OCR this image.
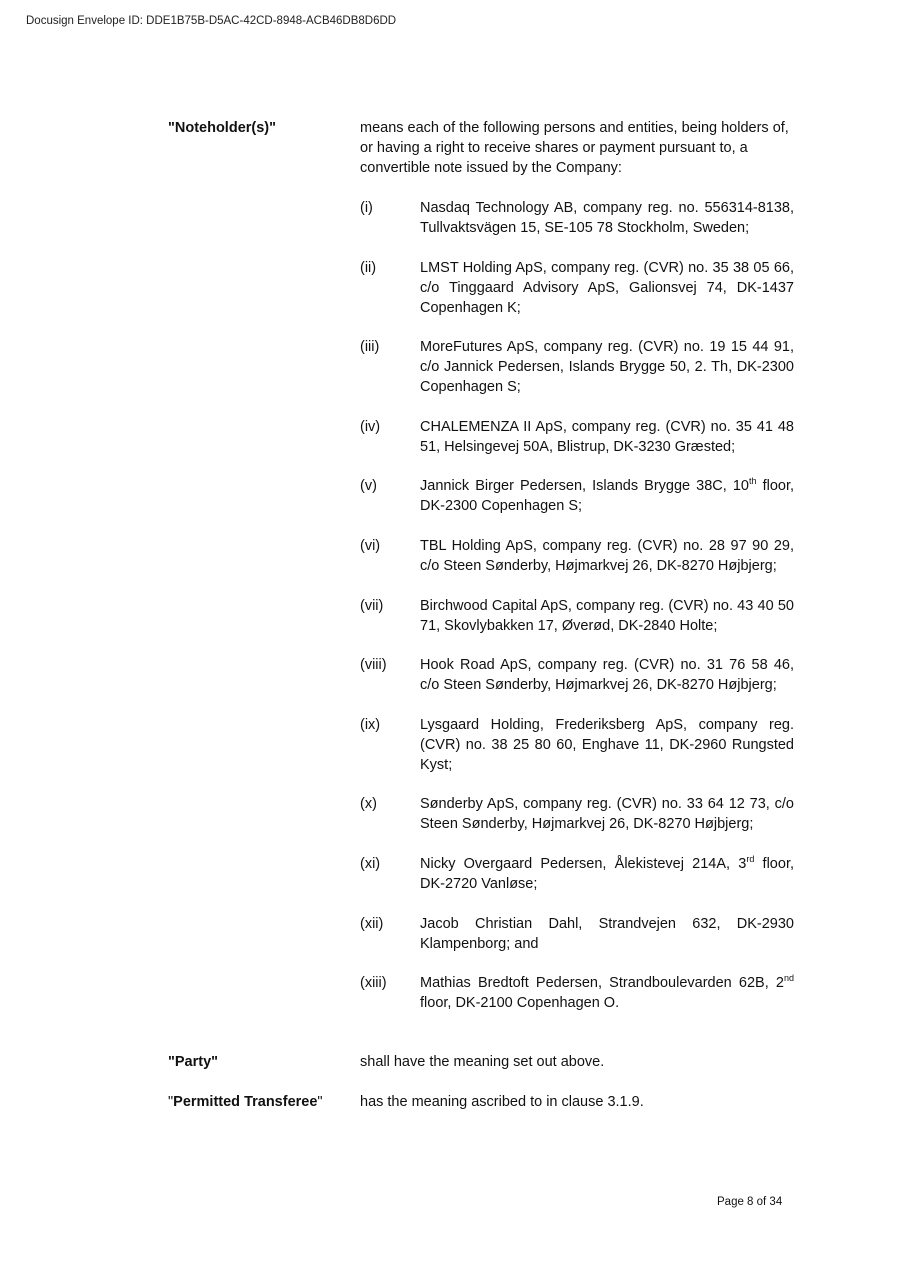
Docusign Envelope ID: DDE1B75B-D5AC-42CD-8948-ACB46DB8D6DD

"Noteholder(s)"	means each of the following persons and entities, being holders of, or having a right to receive shares or payment pursuant to, a convertible note issued by the Company:

(i)	Nasdaq Technology AB, company reg. no. 556314-8138, Tullvaktsvägen 15, SE-105 78 Stockholm, Sweden;
(ii)	LMST Holding ApS, company reg. (CVR) no. 35 38 05 66, c/o Tinggaard Advisory ApS, Galionsvej 74, DK-1437 Copenhagen K;
(iii)	MoreFutures ApS, company reg. (CVR) no. 19 15 44 91, c/o Jannick Pedersen, Islands Brygge 50, 2. Th, DK-2300 Copenhagen S;
(iv)	CHALEMENZA II ApS, company reg. (CVR) no. 35 41 48 51, Helsingevej 50A, Blistrup, DK-3230 Græsted;
(v)	Jannick Birger Pedersen, Islands Brygge 38C, 10th floor, DK-2300 Copenhagen S;
(vi)	TBL Holding ApS, company reg. (CVR) no. 28 97 90 29, c/o Steen Sønderby, Højmarkvej 26, DK-8270 Højbjerg;
(vii)	Birchwood Capital ApS, company reg. (CVR) no. 43 40 50 71, Skovlybakken 17, Øverød, DK-2840 Holte;
(viii) Hook Road ApS, company reg. (CVR) no. 31 76 58 46, c/o Steen Sønderby, Højmarkvej 26, DK-8270 Højbjerg;
(ix)	Lysgaard Holding, Frederiksberg ApS, company reg. (CVR) no. 38 25 80 60, Enghave 11, DK-2960 Rungsted Kyst;
(x)	Sønderby ApS, company reg. (CVR) no. 33 64 12 73, c/o Steen Sønderby, Højmarkvej 26, DK-8270 Højbjerg;
(xi)	Nicky Overgaard Pedersen, Ålekistevej 214A, 3rd floor, DK-2720 Vanløse;
(xii)	Jacob Christian Dahl, Strandvejen 632, DK-2930 Klampenborg; and
(xiii) Mathias Bredtoft Pedersen, Strandboulevarden 62B, 2nd floor, DK-2100 Copenhagen O.
"Party"	shall have the meaning set out above.

"Permitted Transferee"	has the meaning ascribed to in clause 3.1.9.

Page 8 of 34
